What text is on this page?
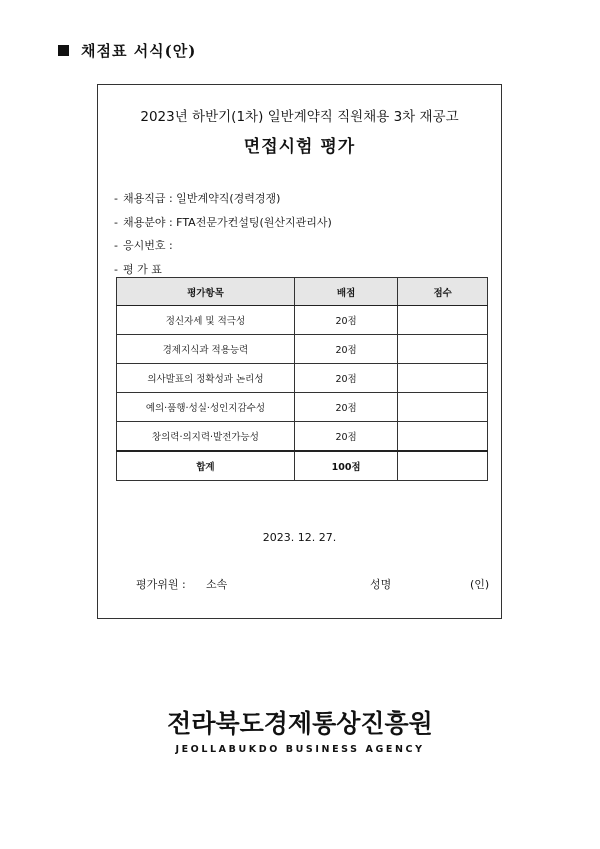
채점표 서식(안)
2023년 하반기(1차) 일반계약직 직원채용 3차 재공고
면접시험 평가
- 채용직급 : 일반계약직(경력경쟁)
- 채용분야 : FTA전문가컨설팅(원산지관리사)
- 응시번호 :
- 평 가 표
평가항목	배점	점수
정신자세 및 적극성	20점	
경제지식과 적용능력	20점	
의사발표의 정확성과 논리성	20점	
예의·품행·성실·성인지감수성	20점	
창의력·의지력·발전가능성	20점	
합계	100점	
2023. 12. 27.
평가위원 : 소속	성명	(인)
전라북도경제통상진흥원
JEOLLABUKDO BUSINESS AGENCY
